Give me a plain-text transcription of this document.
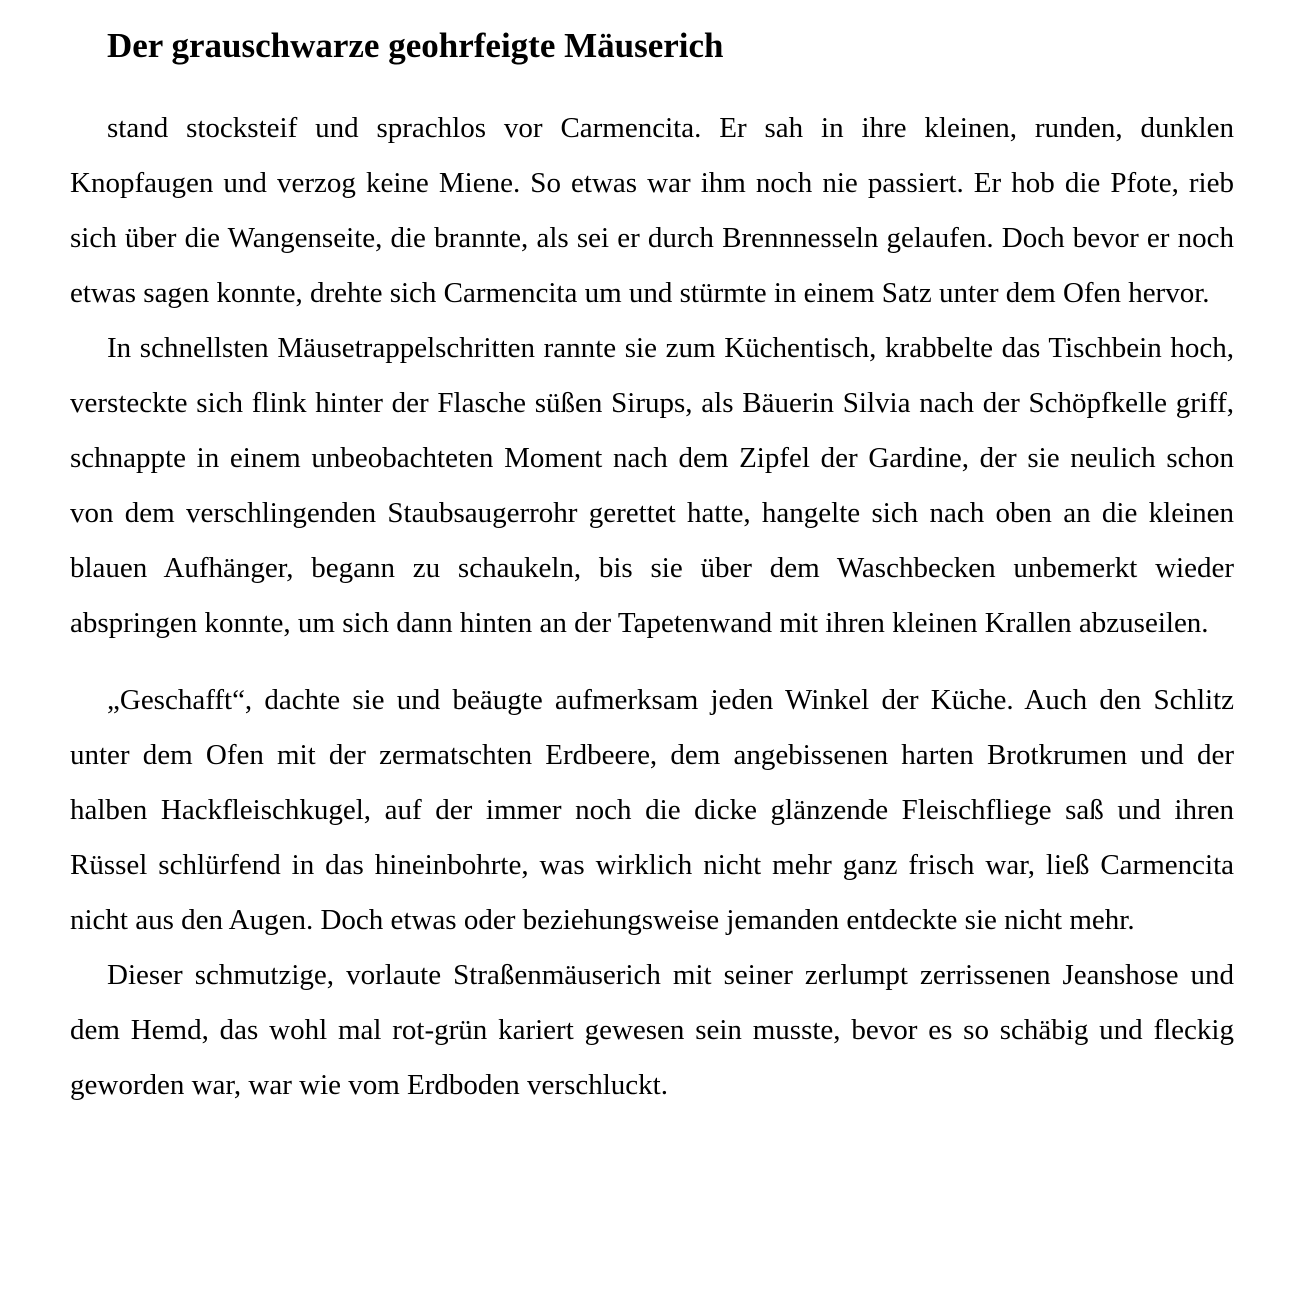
Der grauschwarze geohrfeigte Mäuserich

stand stocksteif und sprachlos vor Carmencita. Er sah in ihre kleinen, runden, dunklen Knopfaugen und verzog keine Miene. So etwas war ihm noch nie passiert. Er hob die Pfote, rieb sich über die Wangenseite, die brannte, als sei er durch Brennnesseln gelaufen. Doch bevor er noch etwas sagen konnte, drehte sich Carmencita um und stürmte in einem Satz unter dem Ofen hervor.

In schnellsten Mäusetrappelschritten rannte sie zum Küchentisch, krabbelte das Tischbein hoch, versteckte sich flink hinter der Flasche süßen Sirups, als Bäuerin Silvia nach der Schöpfkelle griff, schnappte in einem unbeobachteten Moment nach dem Zipfel der Gardine, der sie neulich schon von dem verschlingenden Staubsaugerrohr gerettet hatte, hangelte sich nach oben an die kleinen blauen Aufhänger, begann zu schaukeln, bis sie über dem Waschbecken unbemerkt wieder abspringen konnte, um sich dann hinten an der Tapetenwand mit ihren kleinen Krallen abzuseilen.

„Geschafft“, dachte sie und beäugte aufmerksam jeden Winkel der Küche. Auch den Schlitz unter dem Ofen mit der zermatschten Erdbeere, dem angebissenen harten Brotkrumen und der halben Hackfleischkugel, auf der immer noch die dicke glänzende Fleischfliege saß und ihren Rüssel schlürfend in das hineinbohrte, was wirklich nicht mehr ganz frisch war, ließ Carmencita nicht aus den Augen. Doch etwas oder beziehungsweise jemanden entdeckte sie nicht mehr.

Dieser schmutzige, vorlaute Straßenmäuserich mit seiner zerlumpt zerrissenen Jeanshose und dem Hemd, das wohl mal rot-grün kariert gewesen sein musste, bevor es so schäbig und fleckig geworden war, war wie vom Erdboden verschluckt.
